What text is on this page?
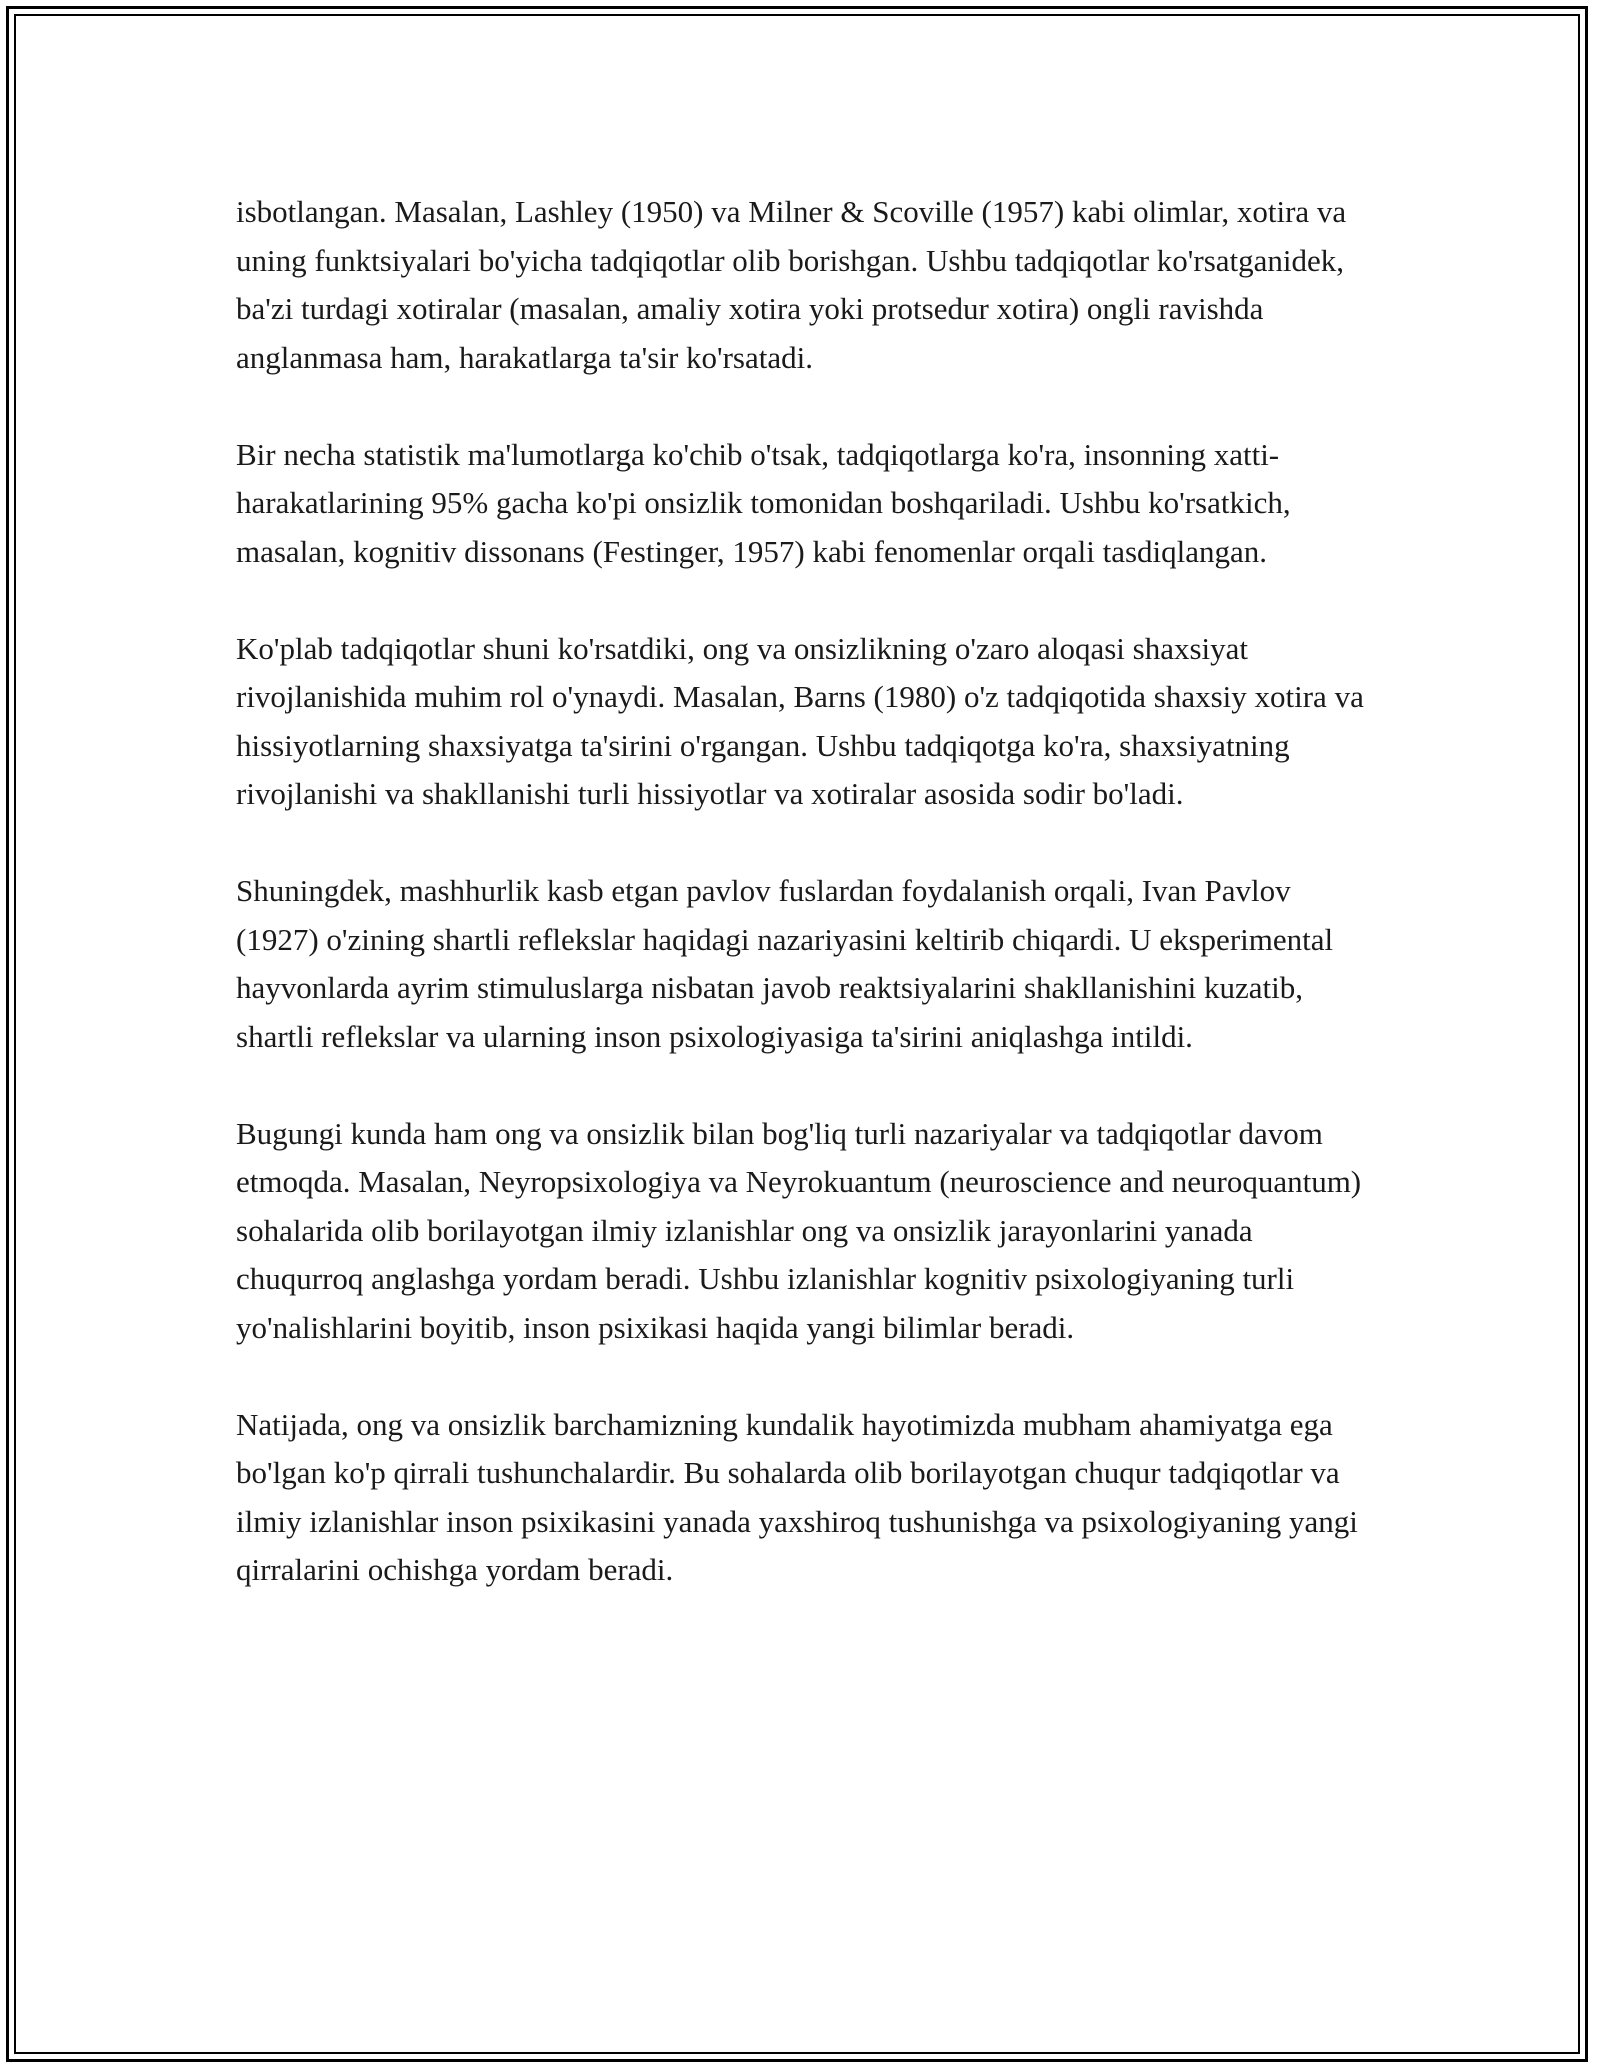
isbotlangan. Masalan, Lashley (1950) va Milner & Scoville (1957) kabi olimlar, xotira va uning funktsiyalari bo'yicha tadqiqotlar olib borishgan. Ushbu tadqiqotlar ko'rsatganidek, ba'zi turdagi xotiralar (masalan, amaliy xotira yoki protsedur xotira) ongli ravishda anglanmasa ham, harakatlarga ta'sir ko'rsatadi.

Bir necha statistik ma'lumotlarga ko'chib o'tsak, tadqiqotlarga ko'ra, insonning xatti-harakatlarining 95% gacha ko'pi onsizlik tomonidan boshqariladi. Ushbu ko'rsatkich, masalan, kognitiv dissonans (Festinger, 1957) kabi fenomenlar orqali tasdiqlangan.

Ko'plab tadqiqotlar shuni ko'rsatdiki, ong va onsizlikning o'zaro aloqasi shaxsiyat rivojlanishida muhim rol o'ynaydi. Masalan, Barns (1980) o'z tadqiqotida shaxsiy xotira va hissiyotlarning shaxsiyatga ta'sirini o'rgangan. Ushbu tadqiqotga ko'ra, shaxsiyatning rivojlanishi va shakllanishi turli hissiyotlar va xotiralar asosida sodir bo'ladi.

Shuningdek, mashhurlik kasb etgan pavlov fuslardan foydalanish orqali, Ivan Pavlov (1927) o'zining shartli reflekslar haqidagi nazariyasini keltirib chiqardi. U eksperimental hayvonlarda ayrim stimuluslarga nisbatan javob reaktsiyalarini shakllanishini kuzatib, shartli reflekslar va ularning inson psixologiyasiga ta'sirini aniqlashga intildi.

Bugungi kunda ham ong va onsizlik bilan bog'liq turli nazariyalar va tadqiqotlar davom etmoqda. Masalan, Neyropsixologiya va Neyrokuantum (neuroscience and neuroquantum) sohalarida olib borilayotgan ilmiy izlanishlar ong va onsizlik jarayonlarini yanada chuqurroq anglashga yordam beradi. Ushbu izlanishlar kognitiv psixologiyaning turli yo'nalishlarini boyitib, inson psixikasi haqida yangi bilimlar beradi.

Natijada, ong va onsizlik barchamizning kundalik hayotimizda mubham ahamiyatga ega bo'lgan ko'p qirrali tushunchalardir. Bu sohalarda olib borilayotgan chuqur tadqiqotlar va ilmiy izlanishlar inson psixikasini yanada yaxshiroq tushunishga va psixologiyaning yangi qirralarini ochishga yordam beradi.
